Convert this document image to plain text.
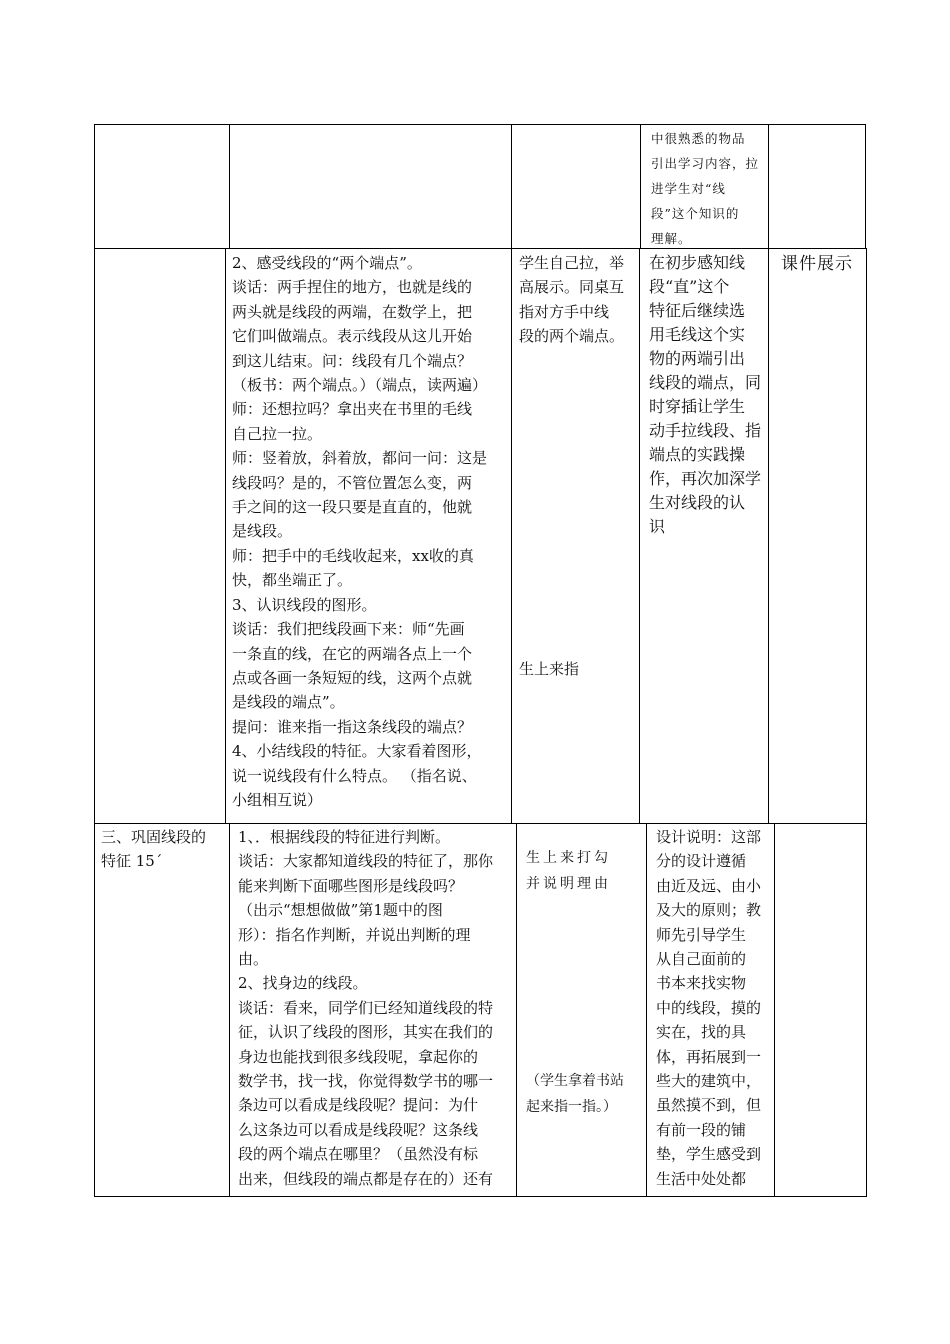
中很熟悉的物品
引出学习内容，拉
进学生对“线
段”这个知识的
理解。
2、感受线段的“两个端点”。
谈话：两手捏住的地方，也就是线的
两头就是线段的两端，在数学上，把
它们叫做端点。表示线段从这儿开始
到这儿结束。问：线段有几个端点？
（板书：两个端点。）（端点，读两遍）
师：还想拉吗？拿出夹在书里的毛线
自己拉一拉。
师：竖着放，斜着放，都问一问：这是
线段吗？是的，不管位置怎么变，两
手之间的这一段只要是直直的，他就
是线段。
师：把手中的毛线收起来，xx收的真
快，都坐端正了。
3、认识线段的图形。
谈话：我们把线段画下来：师“先画
一条直的线，在它的两端各点上一个
点或各画一条短短的线，这两个点就
是线段的端点”。
提问：谁来指一指这条线段的端点？
4、小结线段的特征。大家看着图形，
说一说线段有什么特点。 （指名说、
小组相互说）
学生自己拉，举
高展示。同桌互
指对方手中线
段的两个端点。
生上来指
在初步感知线
段“直”这个
特征后继续选
用毛线这个实
物的两端引出
线段的端点，同
时穿插让学生
动手拉线段、指
端点的实践操
作，再次加深学
生对线段的认
识
课件展示
三、巩固线段的
特征 15ˊ
1、．根据线段的特征进行判断。
谈话：大家都知道线段的特征了，那你
能来判断下面哪些图形是线段吗？
（出示“想想做做”第1题中的图
形）：指名作判断，并说出判断的理
由。
2、找身边的线段。
谈话：看来，同学们已经知道线段的特
征，认识了线段的图形，其实在我们的
身边也能找到很多线段呢，拿起你的
数学书，找一找，你觉得数学书的哪一
条边可以看成是线段呢？提问：为什
么这条边可以看成是线段呢？这条线
段的两个端点在哪里？（虽然没有标
出来，但线段的端点都是存在的）还有
生上来打勾
并说明理由
（学生拿着书站
起来指一指。）
设计说明：这部
分的设计遵循
由近及远、由小
及大的原则；教
师先引导学生
从自己面前的
书本来找实物
中的线段，摸的
实在，找的具
体，再拓展到一
些大的建筑中，
虽然摸不到，但
有前一段的铺
垫，学生感受到
生活中处处都
